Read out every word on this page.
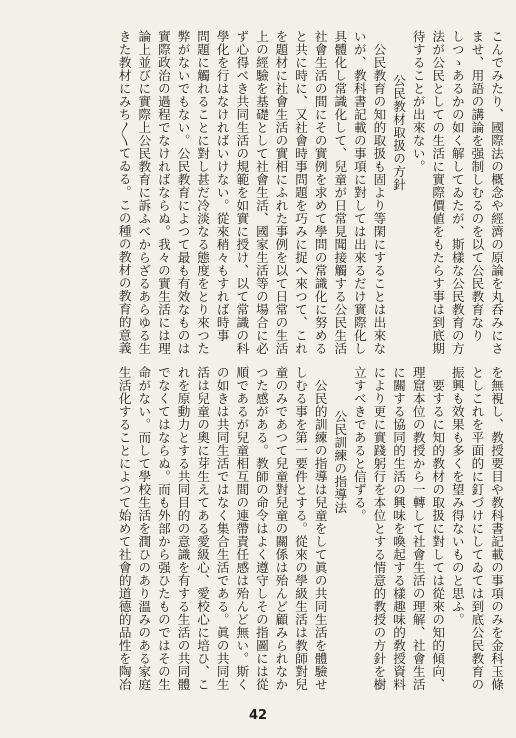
こんでみたり、國際法の概念や經濟の原論を丸呑みにさ
ませ、用語の講論を强制しむるのを以て公民教育なり
しつゝあるかの如く解してゐたが、斯樣な公民教育の方
法が公民としての生活に實際價値をもたらす事は到底期
待することが出來ない。
公民教材取扱の方針
公民教育の知的取扱も固より等閑にすることは出來な
いが、教科書記載の事項に對しては出來るだけ實際化し
具體化し常識化して、兒童が日常見聞接觸する公民生活
社會生活の間にその實例を求めて學問の常識化に努める
と共に時に、又社會時事問題を巧みに捉へ來つて、これ
を題材に社會生活の實相にふれた事例を以て日常の生活
上の經驗を基礎として社會生活、國家生活等の場合に必
ず心得べき共同生活の規範を如實に授け、以て常識の科
學化を行はなければいけない。從來稍々もすれば時事
問題に觸れることに對し甚だ冷淡なる態度をとり來つた
弊がないでもない。公民教育によつて最も有效なものは
實際政治の過程でなければならぬ。我々の實生活には理
論上並びに實際上公民教育に訴ふべからざるあらゆる生
きた教材にみち〳〵てゐる。この種の教材の教育的意義
を無視し、教授要目や教科書記載の事項のみを金科玉條
としこれを平面的に釘づけにしてゐては到底公民教育の
振興も效果も多くを望み得ないものと思ふ。
要するに知的教材の取扱に對しては從來の知的傾向、
理窟本位の教授から一轉して社會生活の理解、社會生活
に關する協同的生活の興味を喚起する樣趣味的敎授資料
により更に實踐躬行を本位とする情意的教授の方針を樹
立すべきであると信ずる。
公民訓練の指導法
公民的訓練の指導は兒童をして眞の共同生活を體驗せ
しむる事を第一要件とする。從來の學級生活は教師對兒
童のみであつて兒童對兒童の關係は殆んど顧みられなか
つた感がある。教師の命令はよく遵守しその指圖には從
順であるが兒童相互間の連帶責任感は殆んど無い。斯く
の如きは共同生活ではなく集合生活である。眞の共同生
活は兒童の奧に芽生えてある愛級心、愛校心に培ひ、こ
れを原動力とする共同目的の意識を有する生活の共同體
でなくてはならぬ。而も外部から强ひたものではその生
命がない。而して學校生活を潤ひのあり溫みのある家庭
生活化することによつて始めて社會的道德的品性を陶冶
42
